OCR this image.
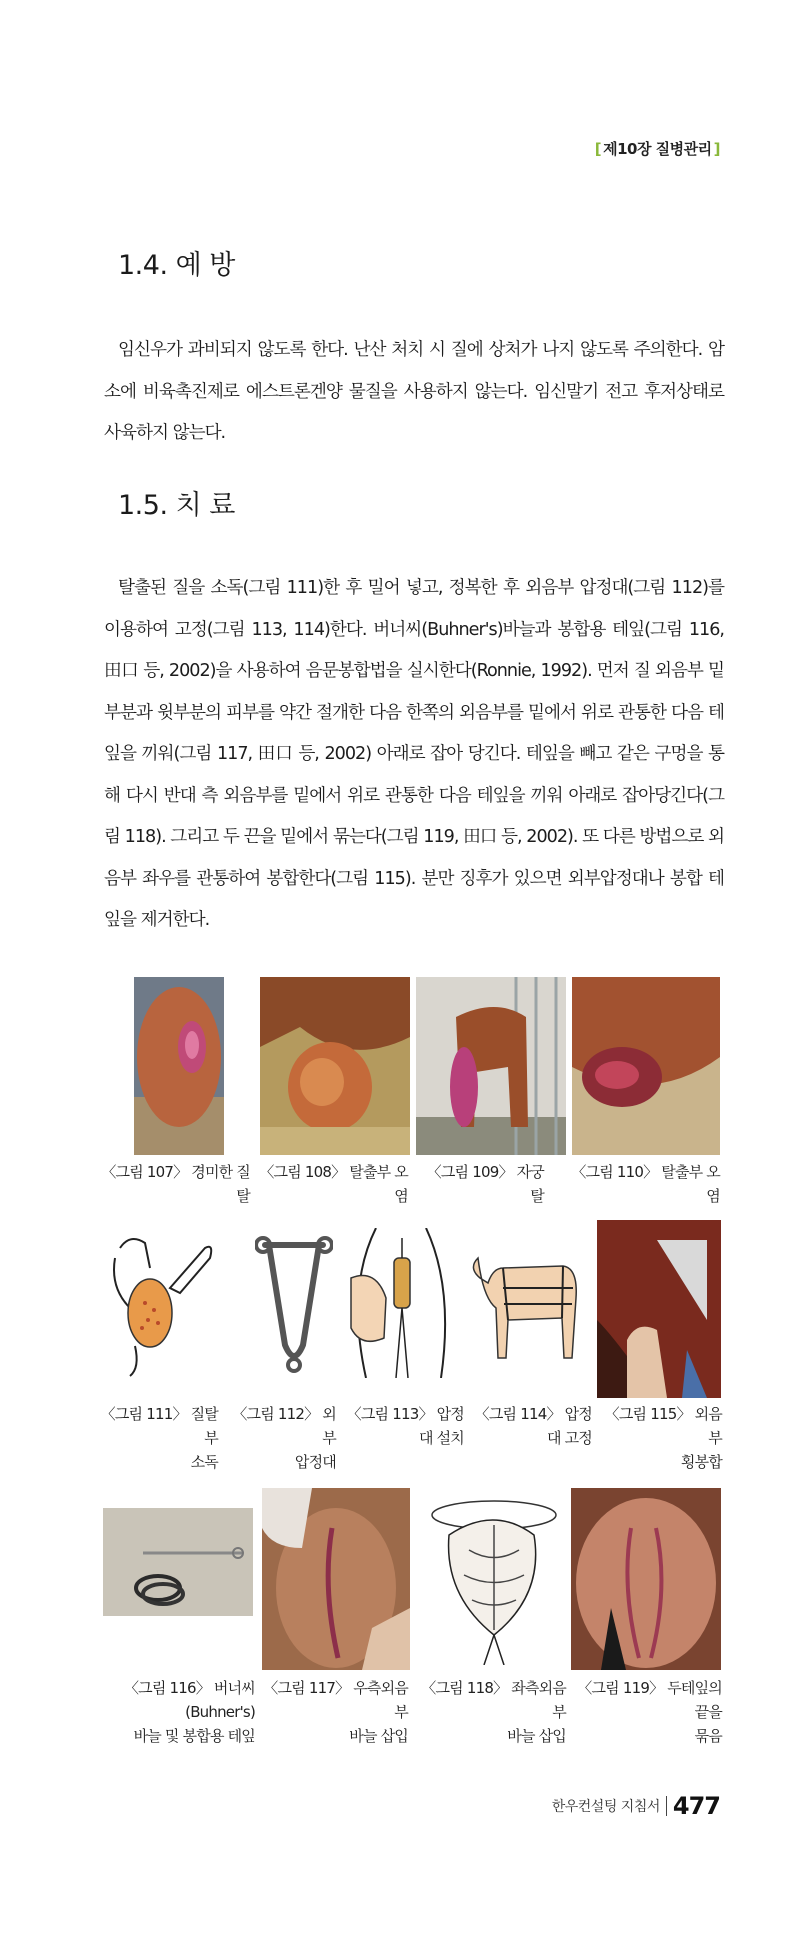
[ 제10장 질병관리 ]
1.4. 예 방

임신우가 과비되지 않도록 한다. 난산 처치 시 질에 상처가 나지 않도록 주의한다. 암소에 비육촉진제로 에스트론겐양 물질을 사용하지 않는다. 임신말기 전고 후저상태로 사육하지 않는다.

1.5. 치 료

탈출된 질을 소독(그림 111)한 후 밀어 넣고, 정복한 후 외음부 압정대(그림 112)를 이용하여 고정(그림 113, 114)한다. 버너씨(Buhner's)바늘과 봉합용 테잎(그림 116, 田口 등, 2002)을 사용하여 음문봉합법을 실시한다(Ronnie, 1992). 먼저 질 외음부 밑부분과 윗부분의 피부를 약간 절개한 다음 한쪽의 외음부를 밑에서 위로 관통한 다음 테잎을 끼워(그림 117, 田口 등, 2002) 아래로 잡아 당긴다. 테잎을 빼고 같은 구멍을 통해 다시 반대 측 외음부를 밑에서 위로 관통한 다음 테잎을 끼워 아래로 잡아당긴다(그림 118). 그리고 두 끈을 밑에서 묶는다(그림 119, 田口 등, 2002). 또 다른 방법으로 외음부 좌우를 관통하여 봉합한다(그림 115). 분만 징후가 있으면 외부압정대나 봉합 테잎을 제거한다.

〈그림 107〉 경미한 질탈
〈그림 108〉 탈출부 오염
〈그림 109〉 자궁탈
〈그림 110〉 탈출부 오염
〈그림 111〉 질탈부
소독
〈그림 112〉 외부
압정대
〈그림 113〉 압정대 설치
〈그림 114〉 압정대 고정
〈그림 115〉 외음부
횡봉합
〈그림 116〉 버너씨(Buhner's)
바늘 및 봉합용 테잎
〈그림 117〉 우측외음부
바늘 삽입
〈그림 118〉 좌측외음부
바늘 삽입
〈그림 119〉 두테잎의 끝을
묶음
한우컨설팅 지침서 477
